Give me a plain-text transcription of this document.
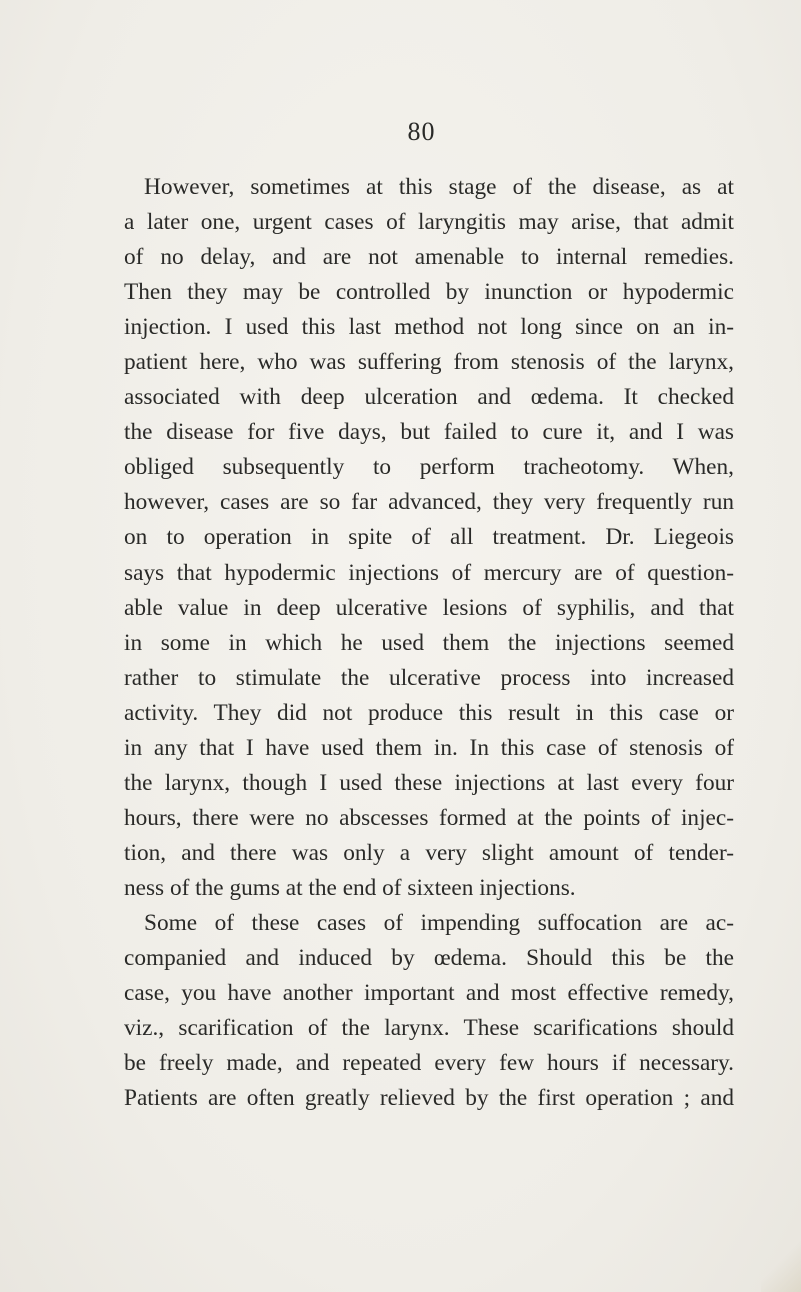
80
However, sometimes at this stage of the disease, as at
a later one, urgent cases of laryngitis may arise, that admit
of no delay, and are not amenable to internal remedies.
Then they may be controlled by inunction or hypodermic
injection. I used this last method not long since on an in-
patient here, who was suffering from stenosis of the larynx,
associated with deep ulceration and œdema. It checked
the disease for five days, but failed to cure it, and I was
obliged subsequently to perform tracheotomy. When,
however, cases are so far advanced, they very frequently run
on to operation in spite of all treatment. Dr. Liegeois
says that hypodermic injections of mercury are of question-
able value in deep ulcerative lesions of syphilis, and that
in some in which he used them the injections seemed
rather to stimulate the ulcerative process into increased
activity. They did not produce this result in this case or
in any that I have used them in. In this case of stenosis of
the larynx, though I used these injections at last every four
hours, there were no abscesses formed at the points of injec-
tion, and there was only a very slight amount of tender-
ness of the gums at the end of sixteen injections.
Some of these cases of impending suffocation are ac-
companied and induced by œdema. Should this be the
case, you have another important and most effective remedy,
viz., scarification of the larynx. These scarifications should
be freely made, and repeated every few hours if necessary.
Patients are often greatly relieved by the first operation ; and
